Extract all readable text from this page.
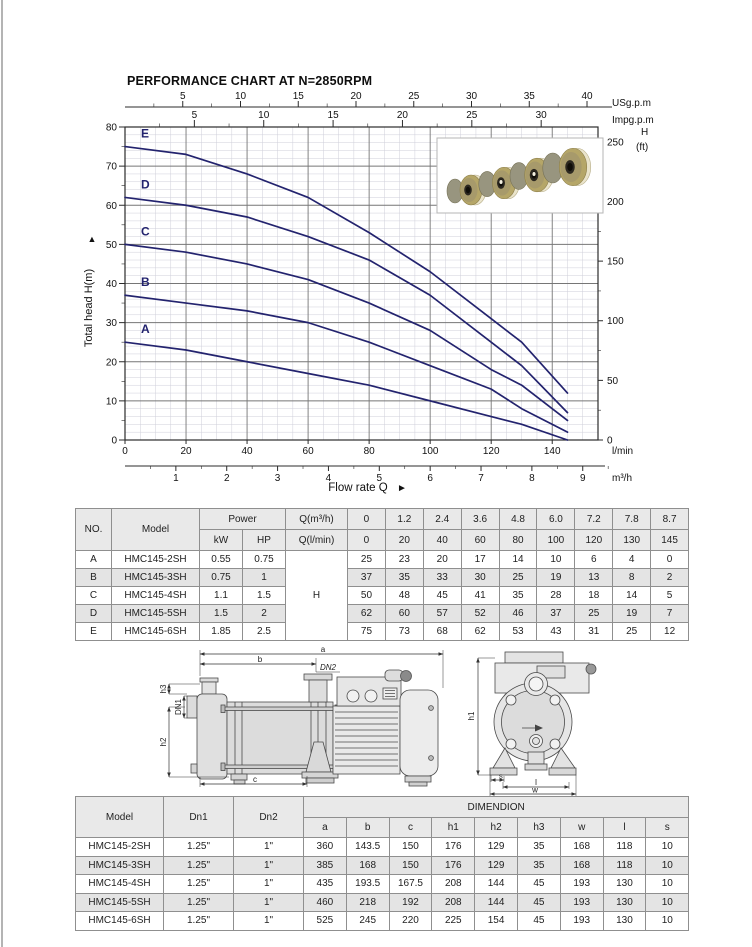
PERFORMANCE CHART AT N=2850RPM
5	10	15	20	25	30	35	40
5	10	15	20	25	30
0
10
20
30
40
50
60
70
80
0
50
100
150
200
250
0	20	40	60	80	100	120	140
1	2	3	4	5	6	7	8	9
USg.p.m
Impg.p.m
H
(ft)
l/min
m³/h
▲
Total head H(m)
Flow rate Q ►
A
B
C
D
E
NO.	Model	Power		Q(m³/h)	0	1.2	2.4	3.6	4.8	6.0	7.2	7.8	8.7
		kW	HP	Q(l/min)	0	20	40	60	80	100	120	130	145
A	HMC145-2SH	0.55	0.75	H	25	23	20	17	14	10	6	4	0
B	HMC145-3SH	0.75	1		37	35	33	30	25	19	13	8	2
C	HMC145-4SH	1.1	1.5		50	48	45	41	35	28	18	14	5
D	HMC145-5SH	1.5	2		62	60	57	52	46	37	25	19	7
E	HMC145-6SH	1.85	2.5		75	73	68	62	53	43	31	25	12
a
b
c
DN2
h3
h2
DN1
h1
s
l
w
Model	Dn1	Dn2	DIMENDION								
			a	b	c	h1	h2	h3	w	l	s
HMC145-2SH	1.25"	1"	360	143.5	150	176	129	35	168	118	10
HMC145-3SH	1.25"	1"	385	168	150	176	129	35	168	118	10
HMC145-4SH	1.25"	1"	435	193.5	167.5	208	144	45	193	130	10
HMC145-5SH	1.25"	1"	460	218	192	208	144	45	193	130	10
HMC145-6SH	1.25"	1"	525	245	220	225	154	45	193	130	10
